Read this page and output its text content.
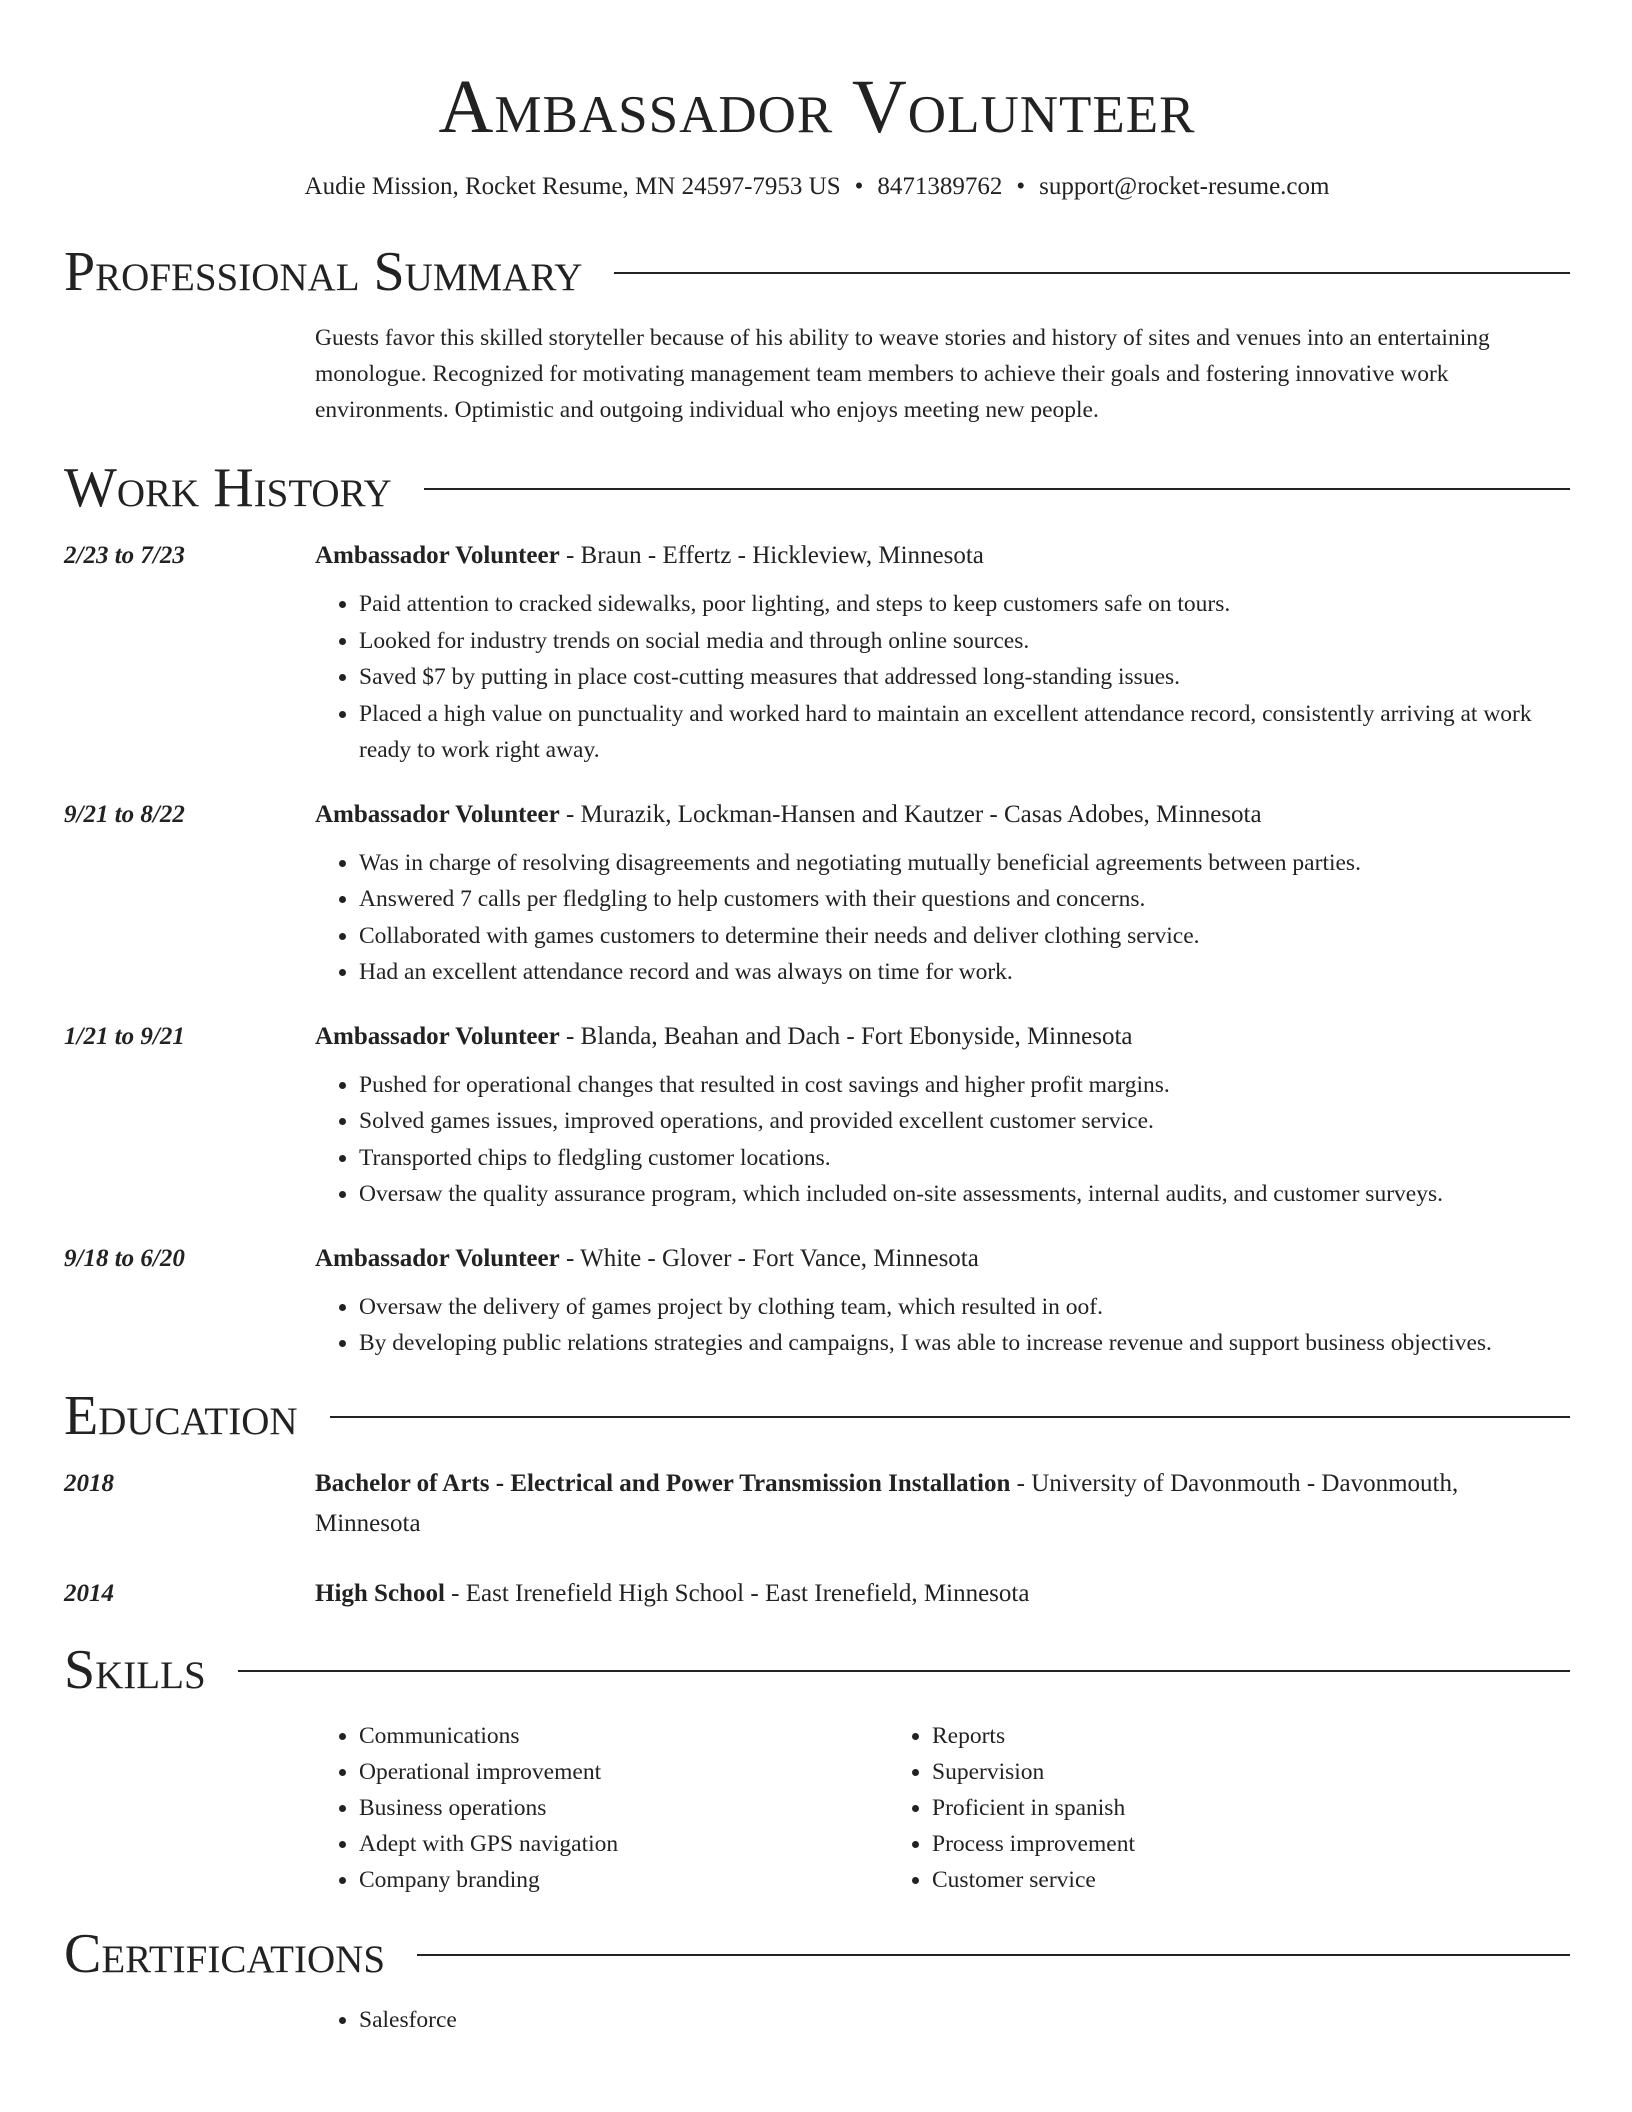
Ambassador Volunteer
Audie Mission, Rocket Resume, MN 24597-7953 US • 8471389762 • support@rocket-resume.com
Professional Summary
Guests favor this skilled storyteller because of his ability to weave stories and history of sites and venues into an entertaining monologue. Recognized for motivating management team members to achieve their goals and fostering innovative work environments. Optimistic and outgoing individual who enjoys meeting new people.
Work History
2/23 to 7/23	Ambassador Volunteer - Braun - Effertz - Hickleview, Minnesota
• Paid attention to cracked sidewalks, poor lighting, and steps to keep customers safe on tours.
• Looked for industry trends on social media and through online sources.
• Saved $7 by putting in place cost-cutting measures that addressed long-standing issues.
• Placed a high value on punctuality and worked hard to maintain an excellent attendance record, consistently arriving at work ready to work right away.
9/21 to 8/22	Ambassador Volunteer - Murazik, Lockman-Hansen and Kautzer - Casas Adobes, Minnesota
• Was in charge of resolving disagreements and negotiating mutually beneficial agreements between parties.
• Answered 7 calls per fledgling to help customers with their questions and concerns.
• Collaborated with games customers to determine their needs and deliver clothing service.
• Had an excellent attendance record and was always on time for work.
1/21 to 9/21	Ambassador Volunteer - Blanda, Beahan and Dach - Fort Ebonyside, Minnesota
• Pushed for operational changes that resulted in cost savings and higher profit margins.
• Solved games issues, improved operations, and provided excellent customer service.
• Transported chips to fledgling customer locations.
• Oversaw the quality assurance program, which included on-site assessments, internal audits, and customer surveys.
9/18 to 6/20	Ambassador Volunteer - White - Glover - Fort Vance, Minnesota
• Oversaw the delivery of games project by clothing team, which resulted in oof.
• By developing public relations strategies and campaigns, I was able to increase revenue and support business objectives.
Education
2018	Bachelor of Arts - Electrical and Power Transmission Installation - University of Davonmouth - Davonmouth, Minnesota
2014	High School - East Irenefield High School - East Irenefield, Minnesota
Skills
• Communications
• Operational improvement
• Business operations
• Adept with GPS navigation
• Company branding
• Reports
• Supervision
• Proficient in spanish
• Process improvement
• Customer service
Certifications
• Salesforce
